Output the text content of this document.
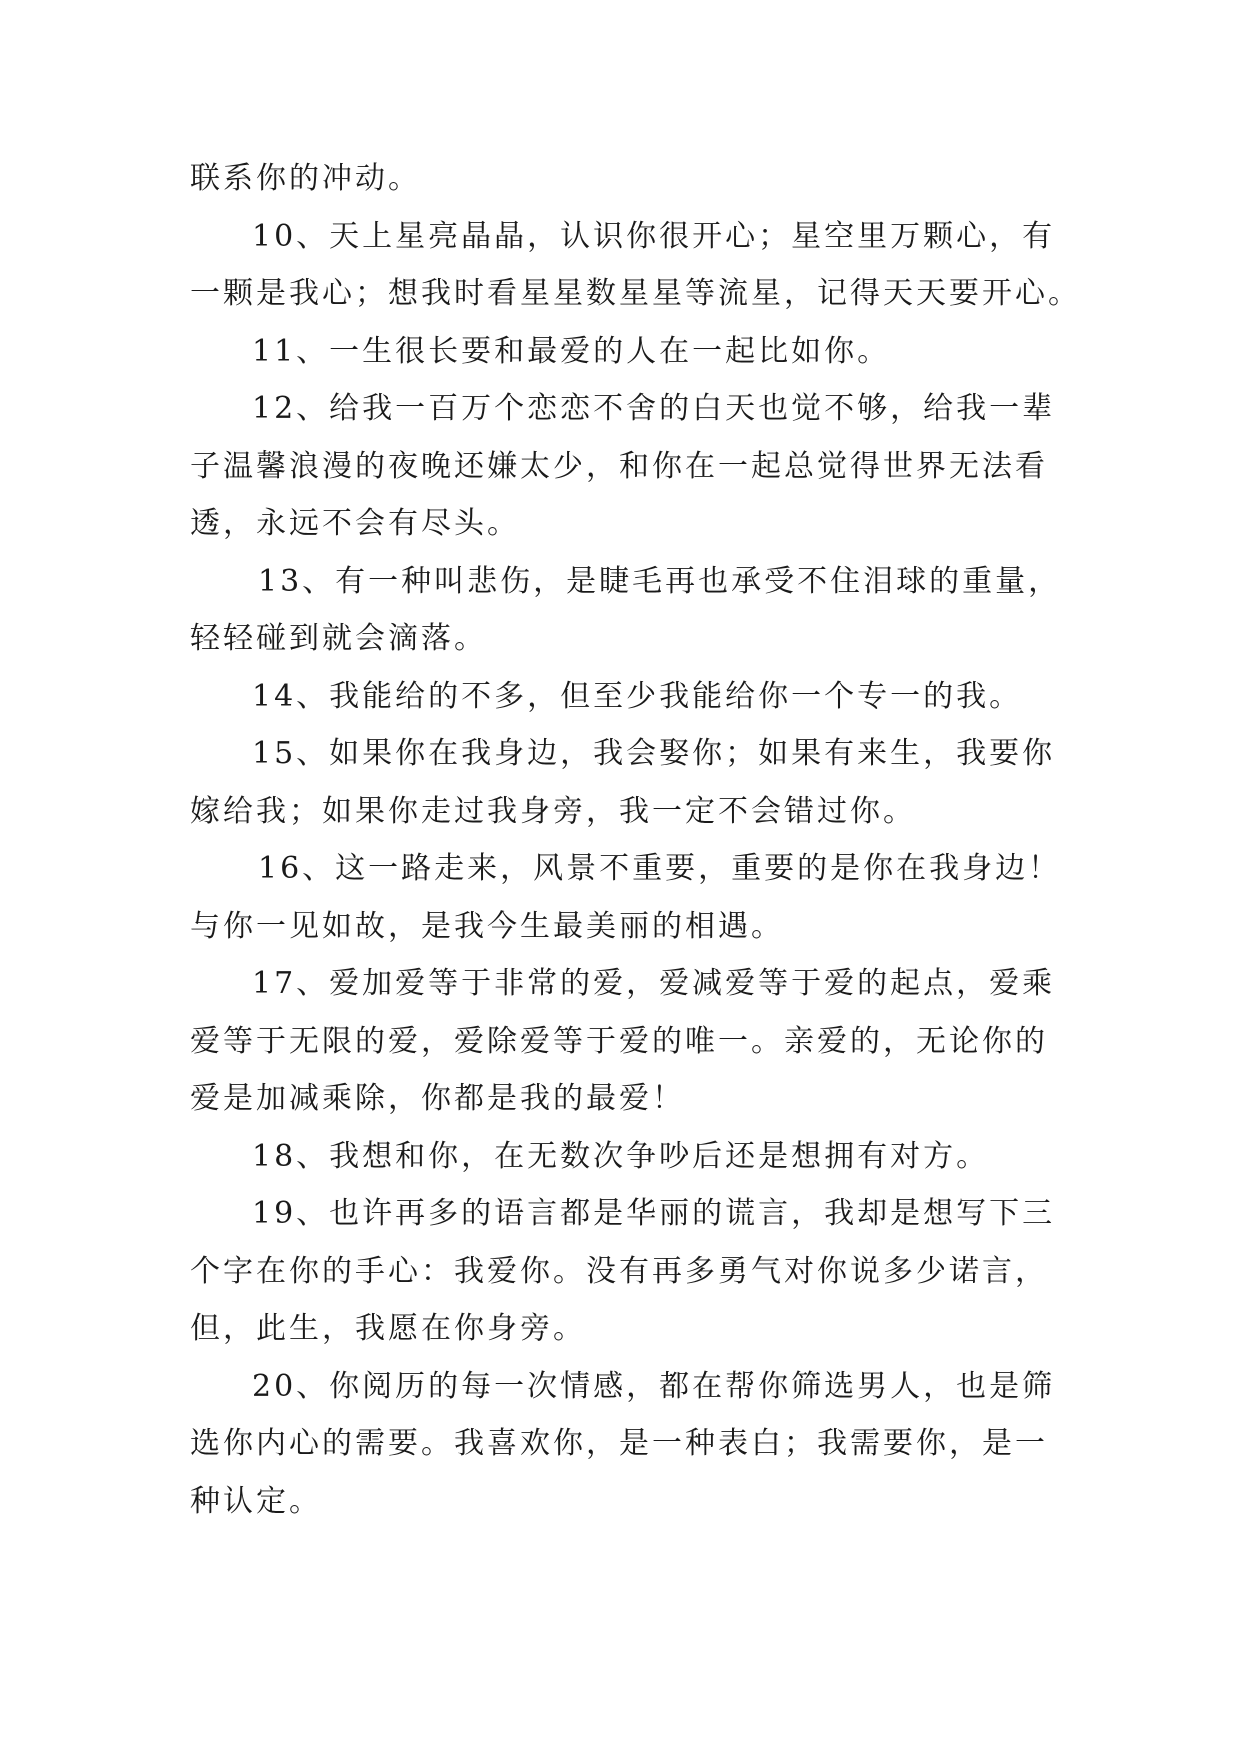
联系你的冲动。
10、天上星亮晶晶，认识你很开心；星空里万颗心，有
一颗是我心；想我时看星星数星星等流星，记得天天要开心。
11、一生很长要和最爱的人在一起比如你。
12、给我一百万个恋恋不舍的白天也觉不够，给我一辈
子温馨浪漫的夜晚还嫌太少，和你在一起总觉得世界无法看
透，永远不会有尽头。
13、有一种叫悲伤，是睫毛再也承受不住泪球的重量，
轻轻碰到就会滴落。
14、我能给的不多，但至少我能给你一个专一的我。
15、如果你在我身边，我会娶你；如果有来生，我要你
嫁给我；如果你走过我身旁，我一定不会错过你。
16、这一路走来，风景不重要，重要的是你在我身边！
与你一见如故，是我今生最美丽的相遇。
17、爱加爱等于非常的爱，爱减爱等于爱的起点，爱乘
爱等于无限的爱，爱除爱等于爱的唯一。亲爱的，无论你的
爱是加减乘除，你都是我的最爱！
18、我想和你，在无数次争吵后还是想拥有对方。
19、也许再多的语言都是华丽的谎言，我却是想写下三
个字在你的手心：我爱你。没有再多勇气对你说多少诺言，
但，此生，我愿在你身旁。
20、你阅历的每一次情感，都在帮你筛选男人，也是筛
选你内心的需要。我喜欢你，是一种表白；我需要你，是一
种认定。
